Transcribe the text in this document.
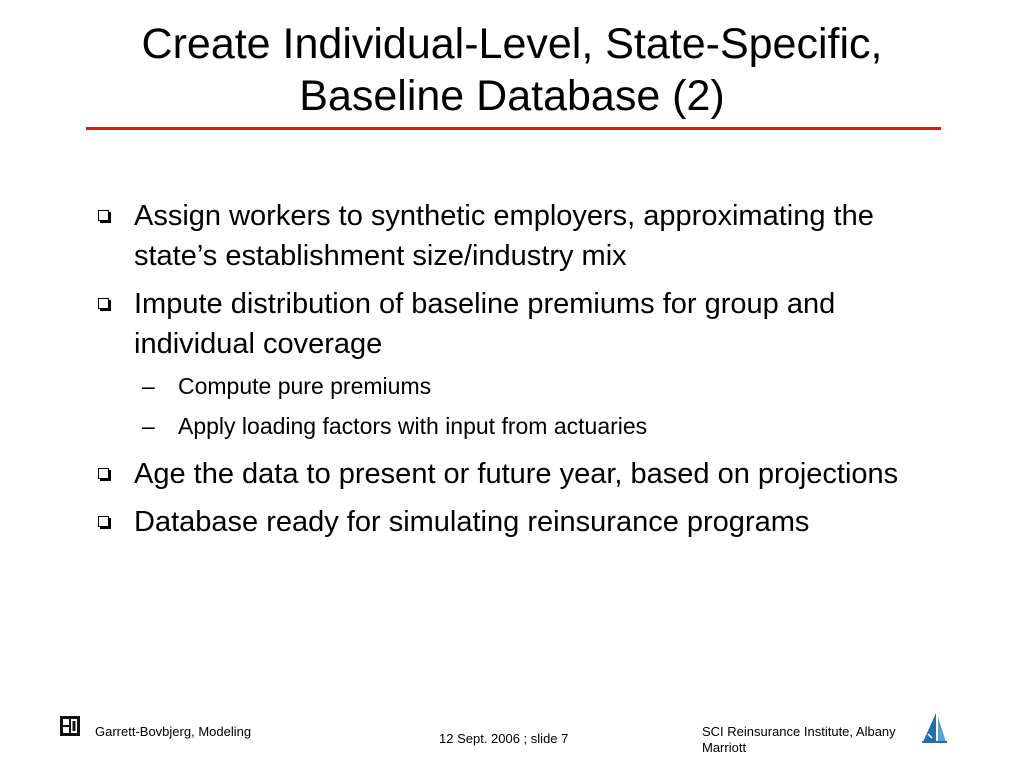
Create Individual-Level, State-Specific,
Baseline Database (2)
Assign workers to synthetic employers, approximating the state’s establishment size/industry mix
Impute distribution of baseline premiums for group and individual coverage
– Compute pure premiums
– Apply loading factors with input from actuaries
Age the data to present or future year, based on projections
Database ready for simulating reinsurance programs
Garrett-Bovbjerg, Modeling	12 Sept. 2006 ; slide 7	SCI Reinsurance Institute, Albany Marriott
